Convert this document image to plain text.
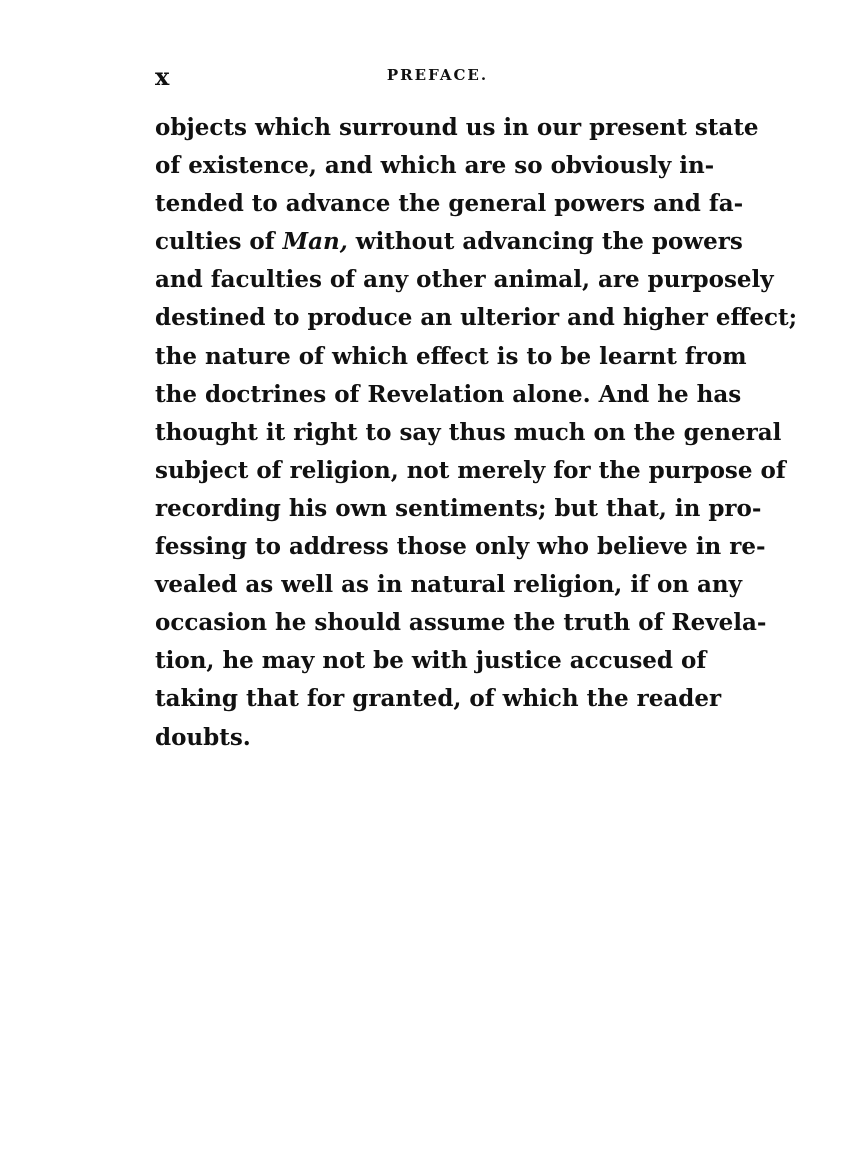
x	PREFACE.
objects which surround us in our present state
of existence, and which are so obviously in-
tended to advance the general powers and fa-
culties of Man, without advancing the powers
and faculties of any other animal, are purposely
destined to produce an ulterior and higher effect;
the nature of which effect is to be learnt from
the doctrines of Revelation alone. And he has
thought it right to say thus much on the general
subject of religion, not merely for the purpose of
recording his own sentiments; but that, in pro-
fessing to address those only who believe in re-
vealed as well as in natural religion, if on any
occasion he should assume the truth of Revela-
tion, he may not be with justice accused of
taking that for granted, of which the reader
doubts.
